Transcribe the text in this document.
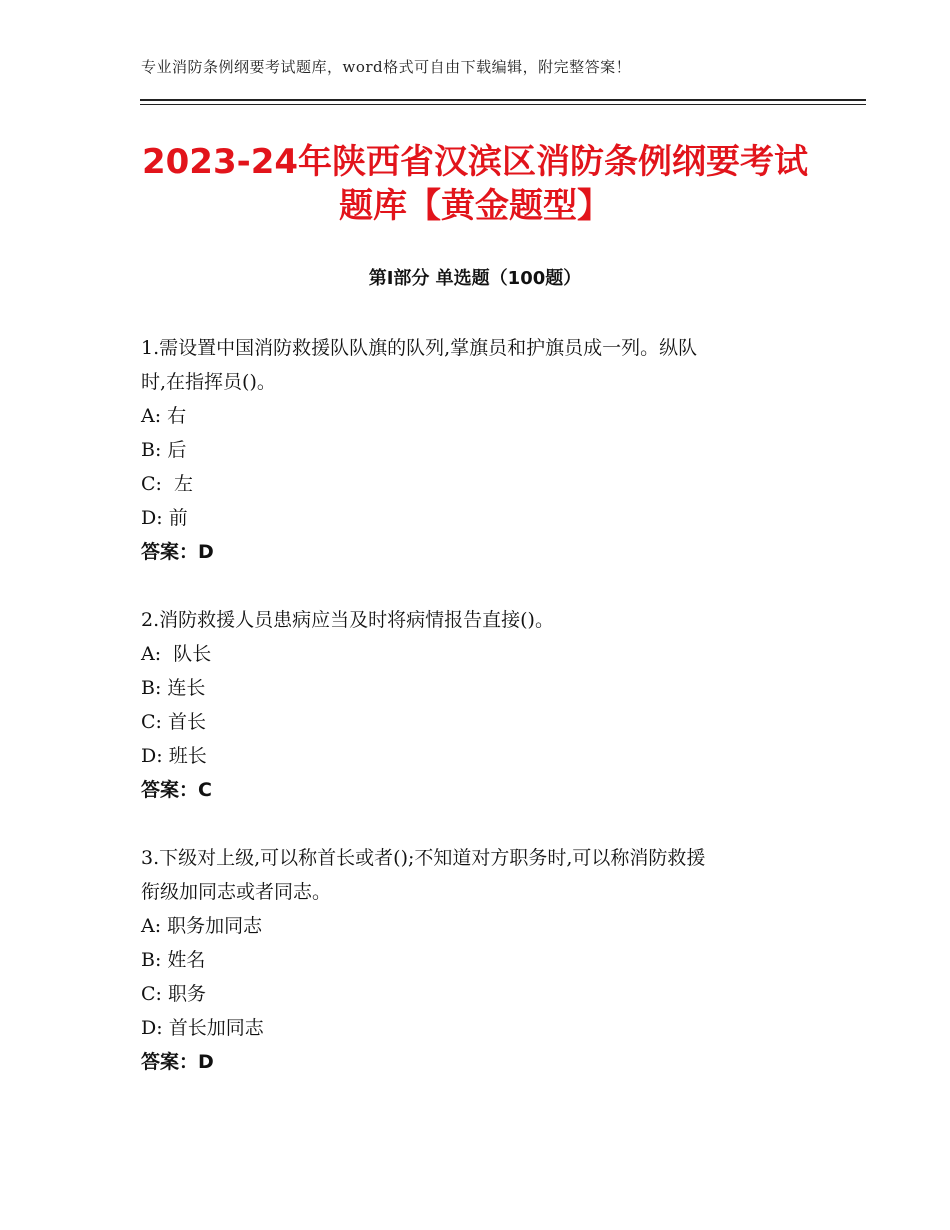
专业消防条例纲要考试题库，word格式可自由下载编辑，附完整答案！
2023-24年陕西省汉滨区消防条例纲要考试
题库【黄金题型】
第Ⅰ部分 单选题（100题）
1.需设置中国消防救援队队旗的队列,掌旗员和护旗员成一列。纵队
时,在指挥员()。
A: 右
B: 后
C:  左
D: 前
答案：D
2.消防救援人员患病应当及时将病情报告直接()。
A:  队长
B: 连长
C: 首长
D: 班长
答案：C
3.下级对上级,可以称首长或者();不知道对方职务时,可以称消防救援
衔级加同志或者同志。
A: 职务加同志
B: 姓名
C: 职务
D: 首长加同志
答案：D
